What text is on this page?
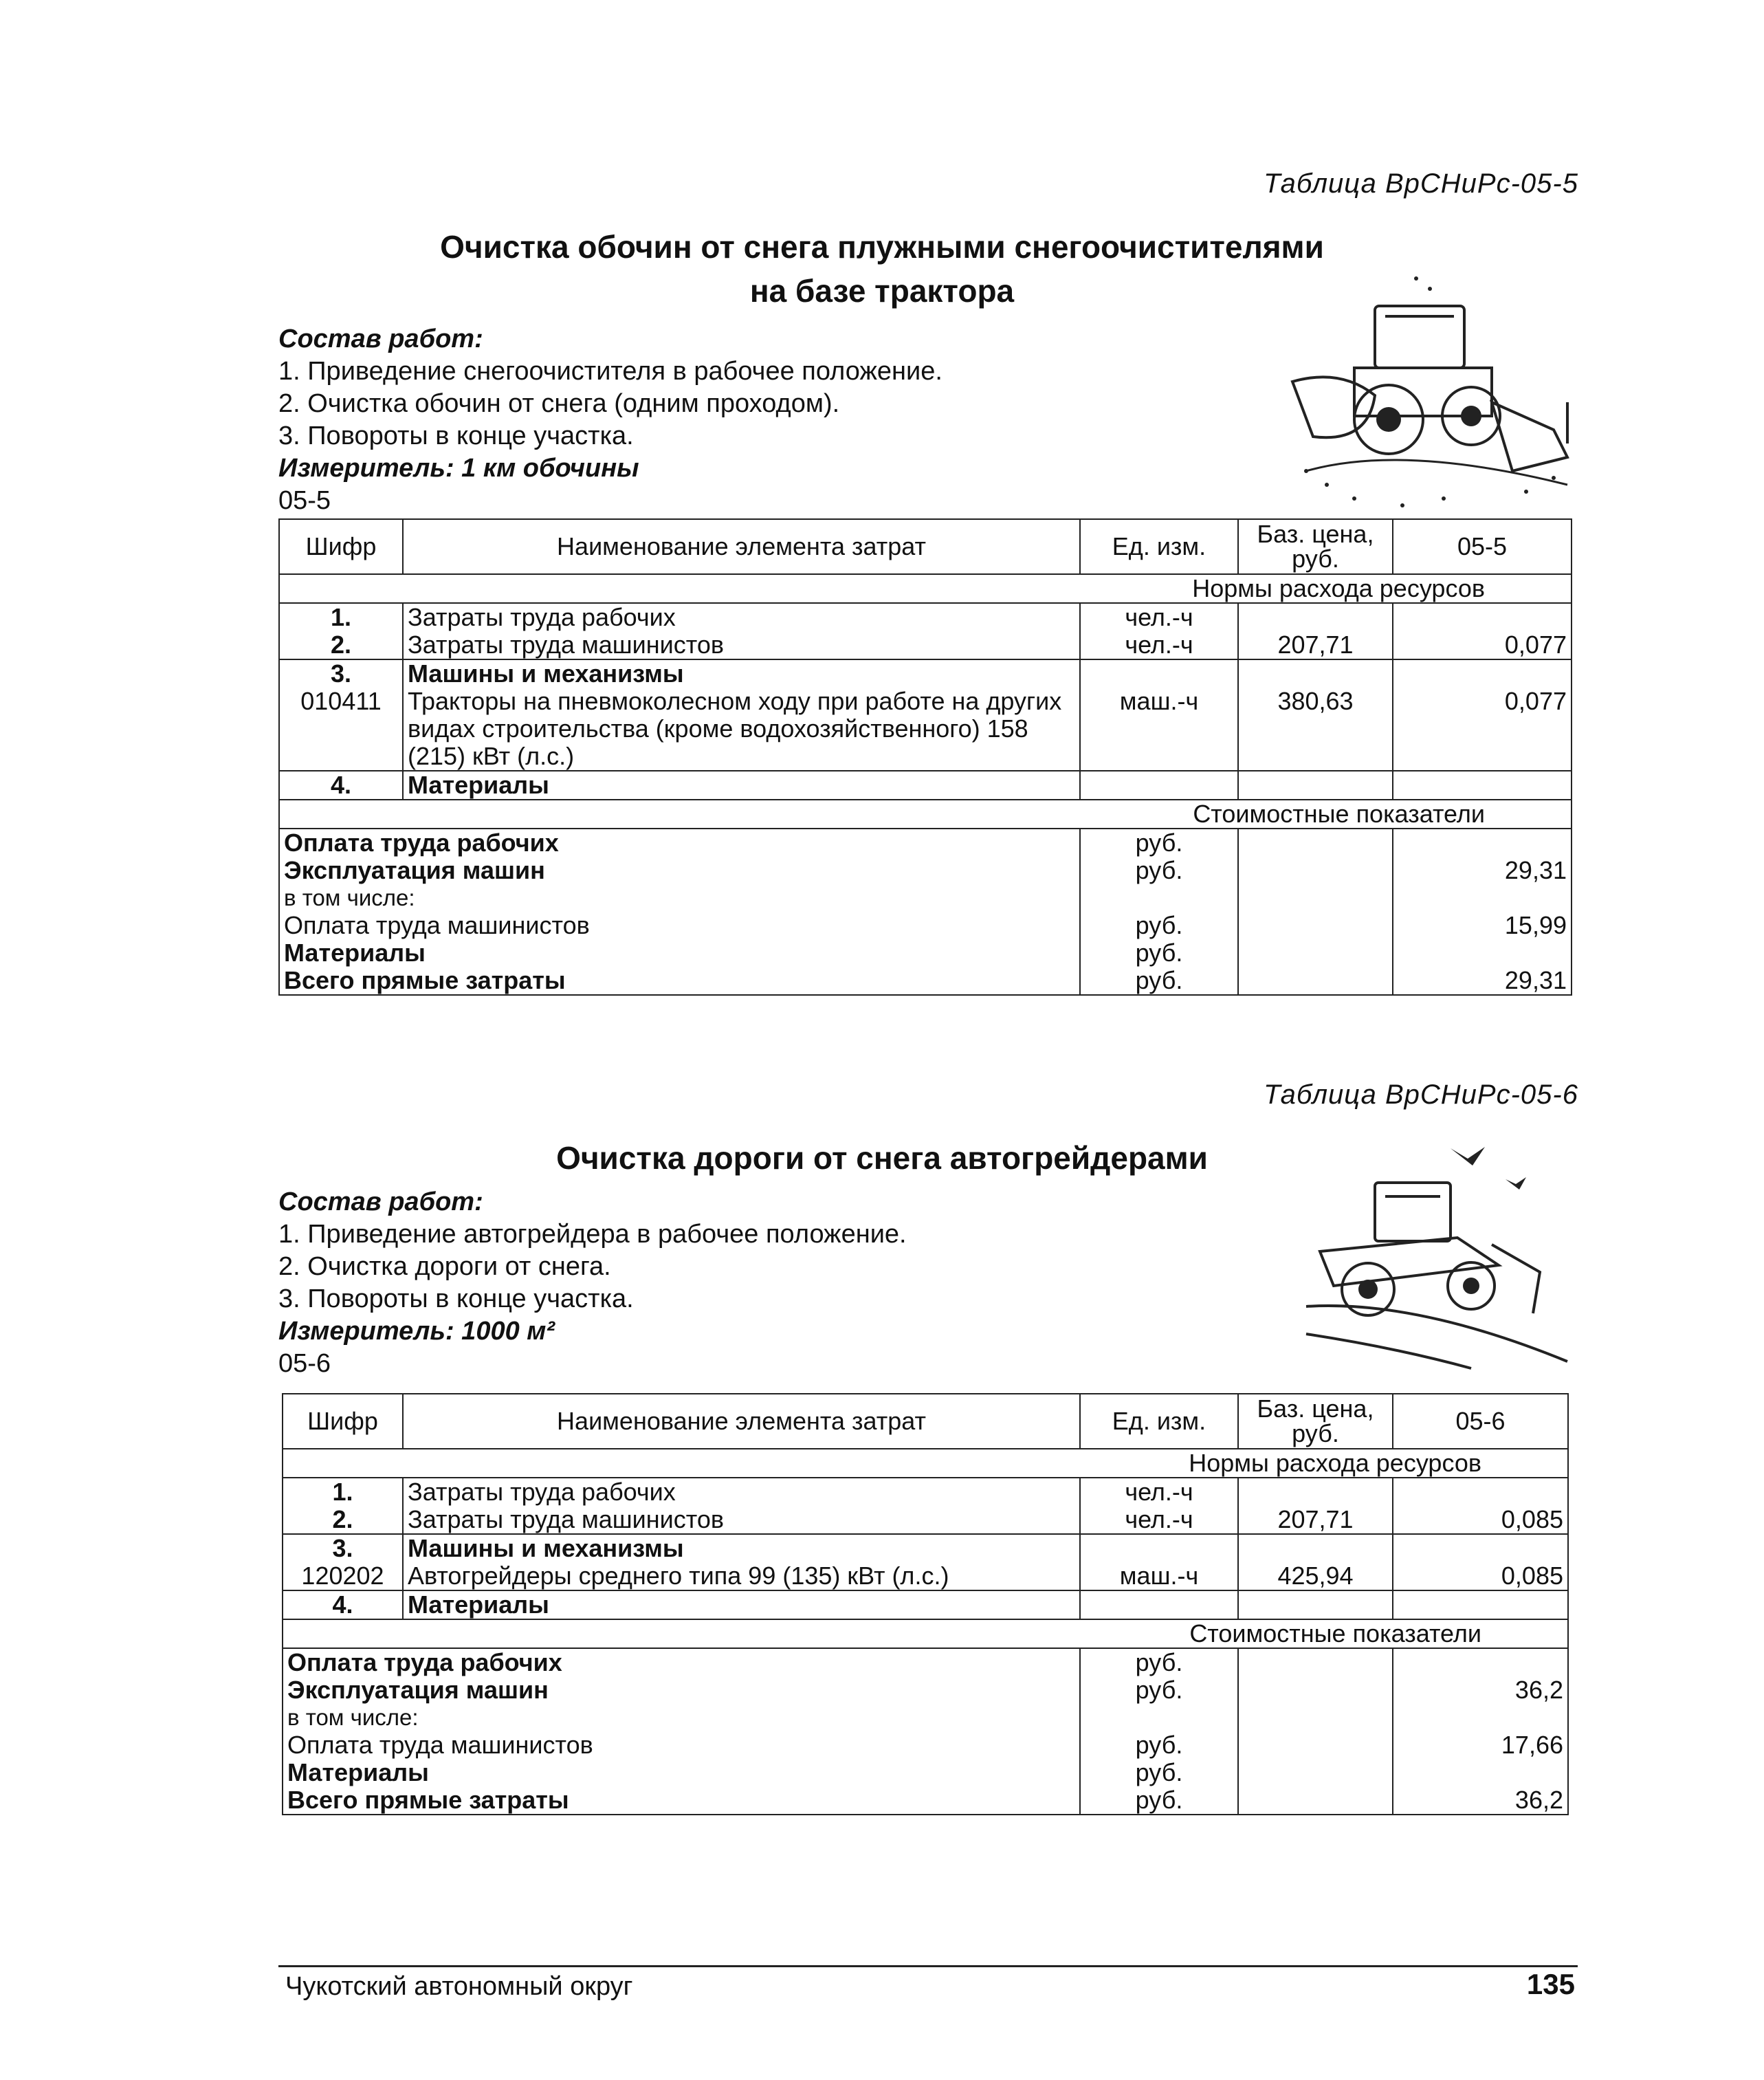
Таблица ВрСНиРс-05-5
Очистка обочин от снега плужными снегоочистителями
на базе трактора
Состав работ:
1. Приведение снегоочистителя в рабочее положение.
2. Очистка обочин от снега (одним проходом).
3. Повороты в конце участка.
Измеритель: 1 км обочины
05-5
Шифр	Наименование элемента затрат	Ед. изм.	Баз. цена, руб.	05-5
Нормы расхода ресурсов				
1.	Затраты труда рабочих	чел.-ч		
2.	Затраты труда машинистов	чел.-ч	207,71	0,077
3.	Машины и механизмы			
010411	Тракторы на пневмоколесном ходу при работе на других видах строительства (кроме водохозяйственного) 158 (215) кВт (л.с.)	маш.-ч	380,63	0,077
4.	Материалы			
Стоимостные показатели				
Оплата труда рабочих		руб.		
Эксплуатация машин		руб.		29,31
в том числе:				
Оплата труда машинистов		руб.		15,99
Материалы		руб.		
Всего прямые затраты		руб.		29,31
Таблица ВрСНиРс-05-6
Очистка дороги от снега автогрейдерами
Состав работ:
1. Приведение автогрейдера в рабочее положение.
2. Очистка дороги от снега.
3. Повороты в конце участка.
Измеритель: 1000 м²
05-6
Шифр	Наименование элемента затрат	Ед. изм.	Баз. цена, руб.	05-6
Нормы расхода ресурсов				
1.	Затраты труда рабочих	чел.-ч		
2.	Затраты труда машинистов	чел.-ч	207,71	0,085
3.	Машины и механизмы			
120202	Автогрейдеры среднего типа 99 (135) кВт (л.с.)	маш.-ч	425,94	0,085
4.	Материалы			
Стоимостные показатели				
Оплата труда рабочих		руб.		
Эксплуатация машин		руб.		36,2
в том числе:				
Оплата труда машинистов		руб.		17,66
Материалы		руб.		
Всего прямые затраты		руб.		36,2
Чукотский автономный округ	135
